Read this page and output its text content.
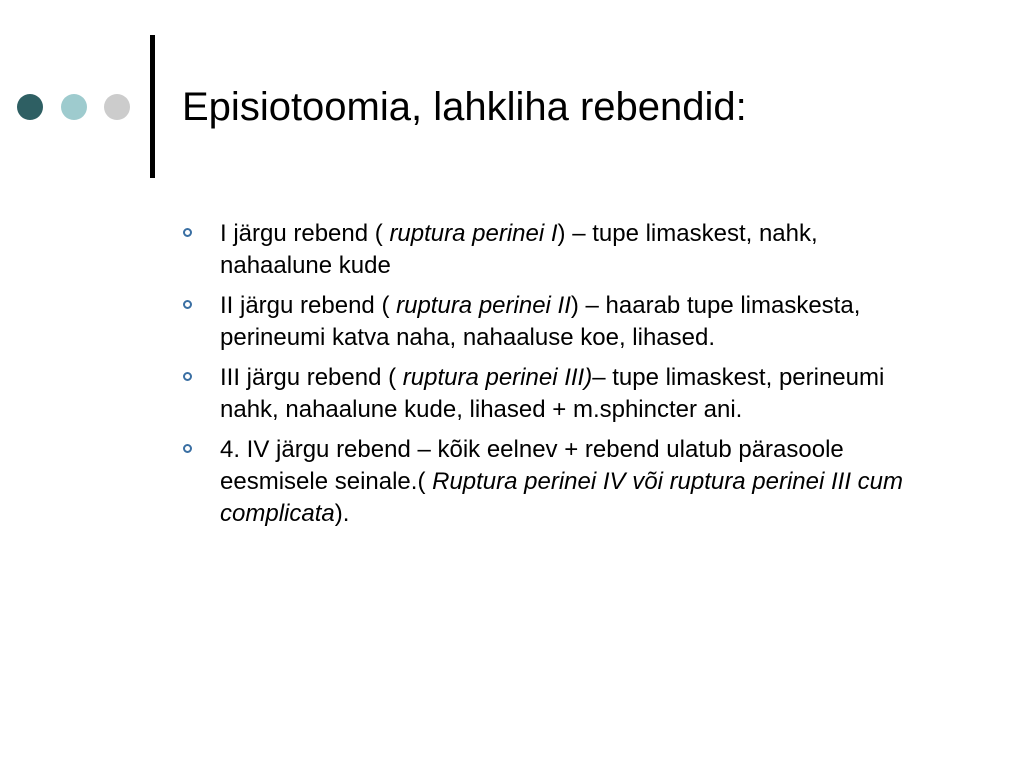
Episiotoomia, lahkliha rebendid:
I järgu rebend ( ruptura perinei I) – tupe limaskest, nahk, nahaalune kude
II järgu rebend ( ruptura perinei II) – haarab tupe limaskesta, perineumi katva naha, nahaaluse koe, lihased.
III järgu rebend ( ruptura perinei III)– tupe limaskest, perineumi nahk, nahaalune kude, lihased + m.sphincter ani.
4. IV järgu rebend – kõik eelnev + rebend ulatub pärasoole eesmisele seinale.( Ruptura perinei IV või ruptura perinei III cum complicata).
